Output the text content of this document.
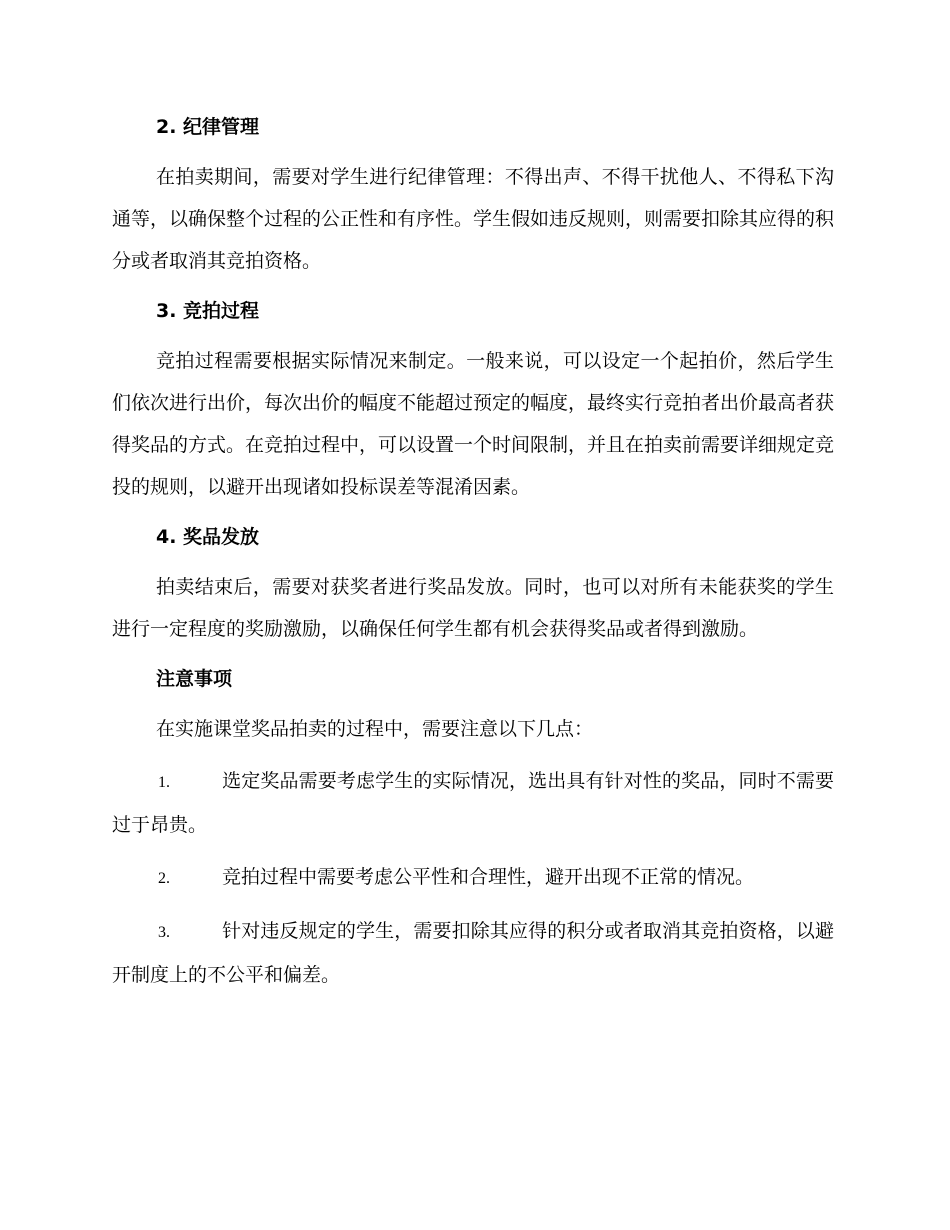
2. 纪律管理

在拍卖期间，需要对学生进行纪律管理：不得出声、不得干扰他人、不得私下沟通等，以确保整个过程的公正性和有序性。学生假如违反规则，则需要扣除其应得的积分或者取消其竞拍资格。

3. 竞拍过程

竞拍过程需要根据实际情况来制定。一般来说，可以设定一个起拍价，然后学生们依次进行出价，每次出价的幅度不能超过预定的幅度，最终实行竞拍者出价最高者获得奖品的方式。在竞拍过程中，可以设置一个时间限制，并且在拍卖前需要详细规定竞投的规则，以避开出现诸如投标误差等混淆因素。

4. 奖品发放

拍卖结束后，需要对获奖者进行奖品发放。同时，也可以对所有未能获奖的学生进行一定程度的奖励激励，以确保任何学生都有机会获得奖品或者得到激励。

注意事项

在实施课堂奖品拍卖的过程中，需要注意以下几点：

1.	选定奖品需要考虑学生的实际情况，选出具有针对性的奖品，同时不需要过于昂贵。

2.	竞拍过程中需要考虑公平性和合理性，避开出现不正常的情况。

3.	针对违反规定的学生，需要扣除其应得的积分或者取消其竞拍资格，以避开制度上的不公平和偏差。
